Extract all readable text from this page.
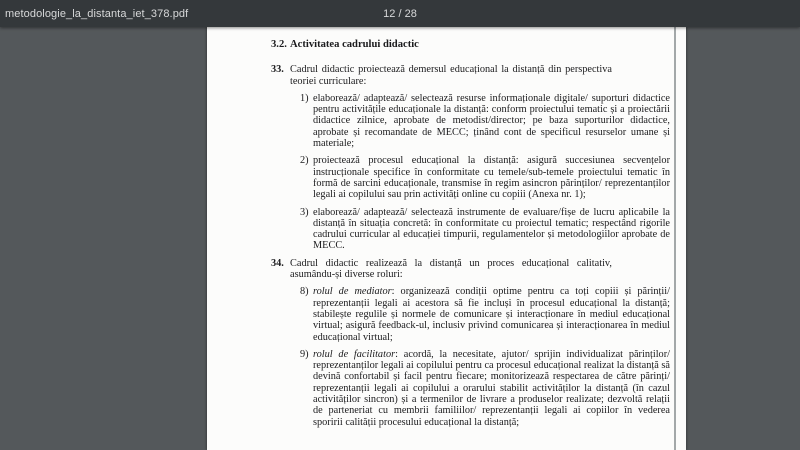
metodologie_la_distanta_iet_378.pdf	12 / 28
3.2. Activitatea cadrului didactic
33. Cadrul didactic proiectează demersul educațional la distanță din perspectiva teoriei curriculare:
1) elaborează/ adaptează/ selectează resurse informaționale digitale/ suporturi didactice pentru activitățile educaționale la distanță: conform proiectului tematic și a proiectării didactice zilnice, aprobate de metodist/director; pe baza suporturilor didactice, aprobate și recomandate de MECC; ținând cont de specificul resurselor umane și materiale;
2) proiectează procesul educațional la distanță: asigură succesiunea secvențelor instrucționale specifice în conformitate cu temele/sub-temele proiectului tematic în formă de sarcini educaționale, transmise în regim asincron părinților/ reprezentanților legali ai copilului sau prin activități online cu copiii (Anexa nr. 1);
3) elaborează/ adaptează/ selectează instrumente de evaluare/fișe de lucru aplicabile la distanță în situația concretă: în conformitate cu proiectul tematic; respectând rigorile cadrului curricular al educației timpurii, regulamentelor și metodologiilor aprobate de MECC.
34. Cadrul didactic realizează la distanță un proces educațional calitativ, asumându-și diverse roluri:
8) rolul de mediator: organizează condiții optime pentru ca toți copiii și părinții/ reprezentanții legali ai acestora să fie incluși în procesul educațional la distanță; stabilește regulile și normele de comunicare și interacționare în mediul educațional virtual; asigură feedback-ul, inclusiv privind comunicarea și interacționarea în mediul educațional virtual;
9) rolul de facilitator: acordă, la necesitate, ajutor/ sprijin individualizat părinților/ reprezentanților legali ai copilului pentru ca procesul educațional realizat la distanță să devină confortabil și facil pentru fiecare; monitorizează respectarea de către părinți/ reprezentanții legali ai copilului a orarului stabilit activităților la distanță (în cazul activităților sincron) și a termenilor de livrare a produselor realizate; dezvoltă relații de parteneriat cu membrii familiilor/ reprezentanții legali ai copiilor în vederea sporirii calității procesului educațional la distanță;
